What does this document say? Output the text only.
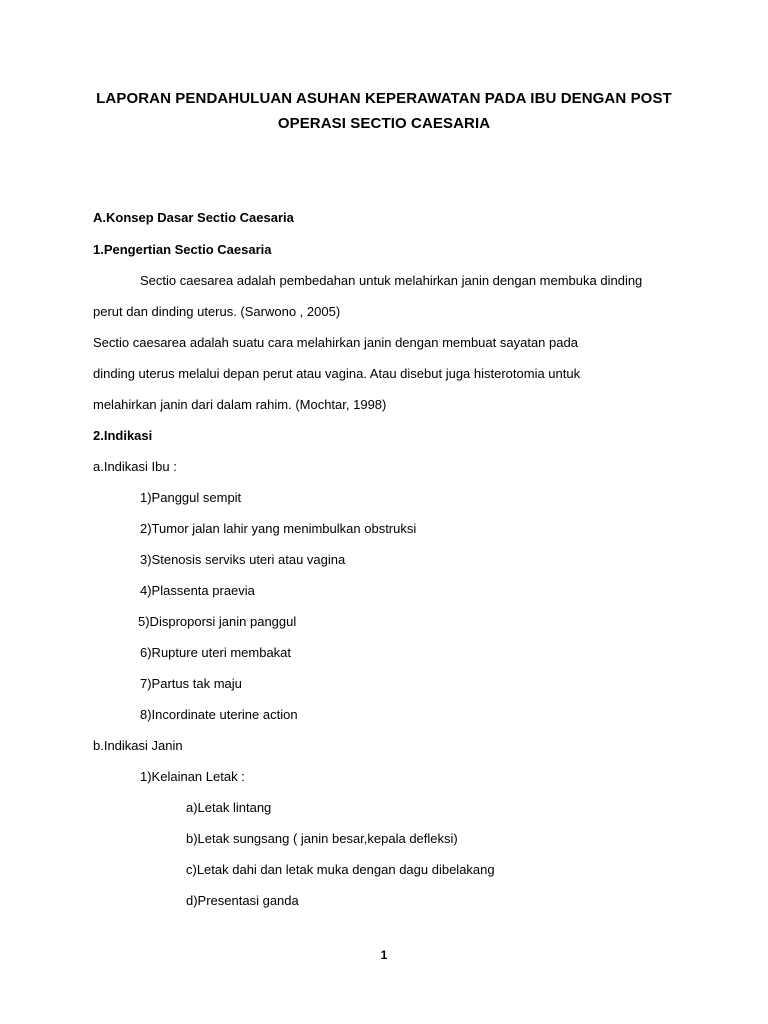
LAPORAN PENDAHULUAN ASUHAN KEPERAWATAN PADA IBU DENGAN POST
OPERASI SECTIO CAESARIA
A.Konsep Dasar Sectio Caesaria
1.Pengertian Sectio Caesaria
Sectio caesarea adalah pembedahan untuk melahirkan janin dengan membuka dinding
perut dan dinding uterus. (Sarwono , 2005)
Sectio caesarea adalah suatu cara melahirkan janin dengan membuat sayatan pada
dinding uterus melalui depan perut atau vagina. Atau disebut juga histerotomia untuk
melahirkan janin dari dalam rahim. (Mochtar, 1998)
2.Indikasi
a.Indikasi Ibu :
1)Panggul sempit
2)Tumor jalan lahir yang menimbulkan obstruksi
3)Stenosis serviks uteri atau vagina
4)Plassenta praevia
5)Disproporsi janin panggul
6)Rupture uteri membakat
7)Partus tak maju
8)Incordinate uterine action
b.Indikasi Janin
1)Kelainan Letak :
a)Letak lintang
b)Letak sungsang ( janin besar,kepala defleksi)
c)Letak dahi dan letak muka dengan dagu dibelakang
d)Presentasi ganda
1
